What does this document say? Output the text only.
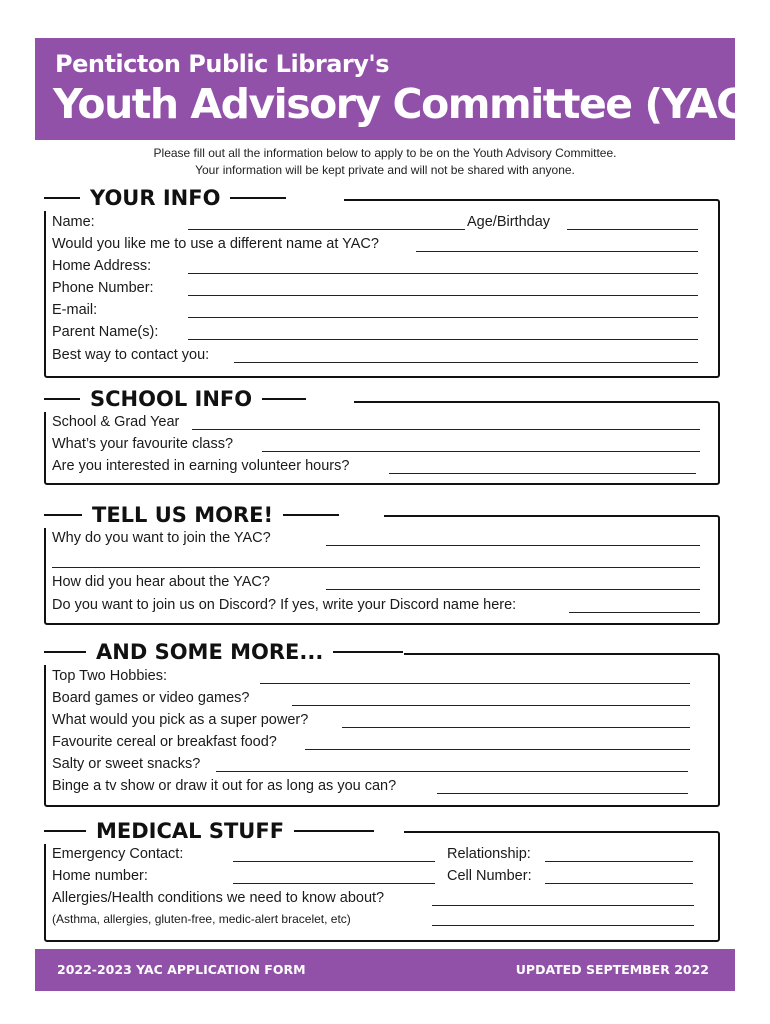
Penticton Public Library's
Youth Advisory Committee (YAC)
Please fill out all the information below to apply to be on the Youth Advisory Committee.
Your information will be kept private and will not be shared with anyone.
YOUR INFO
Name:	Age/Birthday
Would you like me to use a different name at YAC?
Home Address:
Phone Number:
E-mail:
Parent Name(s):
Best way to contact you:
SCHOOL INFO
School & Grad Year
What’s your favourite class?
Are you interested in earning volunteer hours?
TELL US MORE!
Why do you want to join the YAC?
How did you hear about the YAC?
Do you want to join us on Discord? If yes, write your Discord name here:
AND SOME MORE...
Top Two Hobbies:
Board games or video games?
What would you pick as a super power?
Favourite cereal or breakfast food?
Salty or sweet snacks?
Binge a tv show or draw it out for as long as you can?
MEDICAL STUFF
Emergency Contact:	Relationship:
Home number:	Cell Number:
Allergies/Health conditions we need to know about?
(Asthma, allergies, gluten-free, medic-alert bracelet, etc)
2022-2023 YAC APPLICATION FORM	UPDATED SEPTEMBER 2022
